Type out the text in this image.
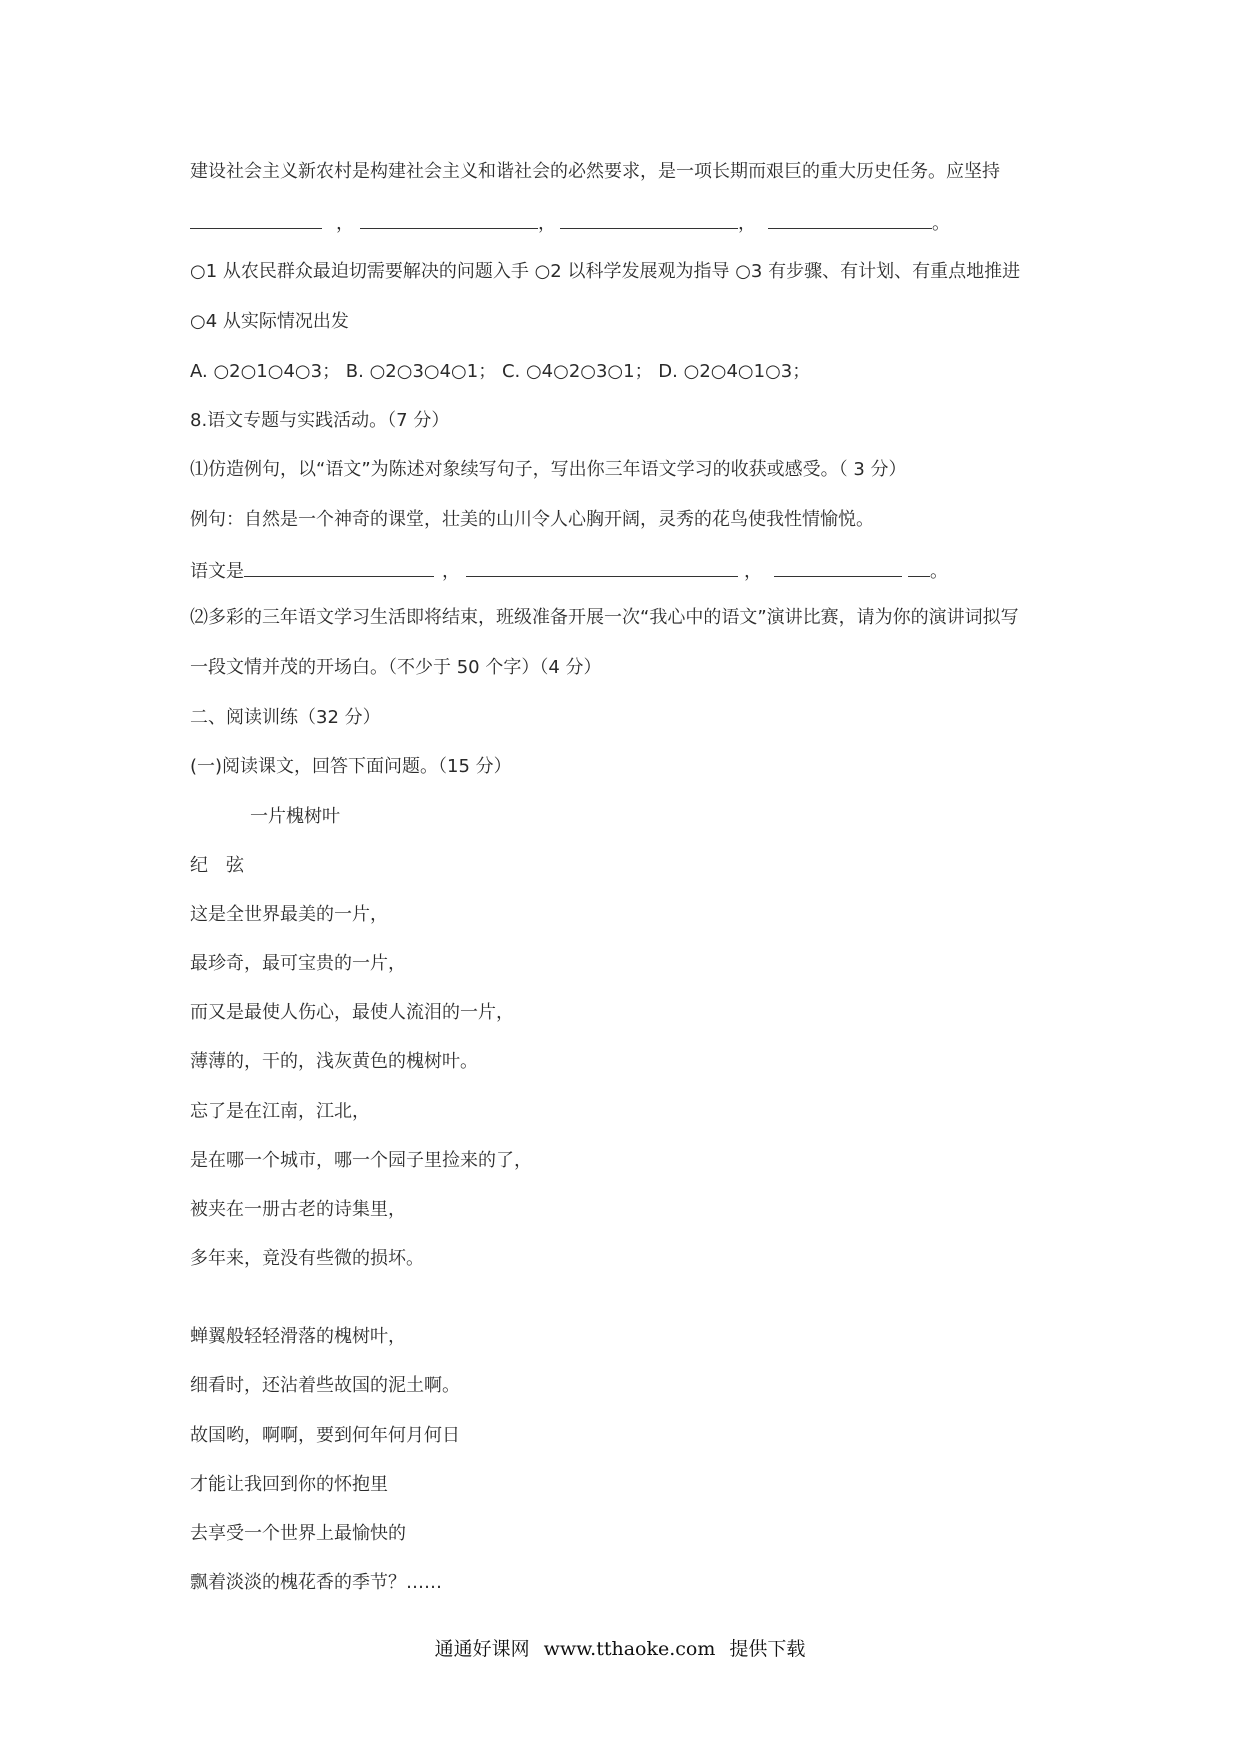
建设社会主义新农村是构建社会主义和谐社会的必然要求，是一项长期而艰巨的重大历史任务。应坚持
，	，	，	。
○1 从农民群众最迫切需要解决的问题入手 ○2 以科学发展观为指导 ○3 有步骤、有计划、有重点地推进
○4 从实际情况出发
A. ○2○1○4○3； B. ○2○3○4○1； C. ○4○2○3○1； D. ○2○4○1○3；
8.语文专题与实践活动。（7 分）
⑴仿造例句，以“语文”为陈述对象续写句子，写出你三年语文学习的收获或感受。（ 3 分）
例句：自然是一个神奇的课堂，壮美的山川令人心胸开阔，灵秀的花鸟使我性情愉悦。
语文是	，	，	。
⑵多彩的三年语文学习生活即将结束，班级准备开展一次“我心中的语文”演讲比赛，请为你的演讲词拟写
一段文情并茂的开场白。（不少于 50 个字）（4 分）
二、阅读训练（32 分）
(一)阅读课文，回答下面问题。（15 分）
一片槐树叶
纪　弦
这是全世界最美的一片，
最珍奇，最可宝贵的一片，
而又是最使人伤心，最使人流泪的一片，
薄薄的，干的，浅灰黄色的槐树叶。
忘了是在江南，江北，
是在哪一个城市，哪一个园子里捡来的了，
被夹在一册古老的诗集里，
多年来，竟没有些微的损坏。
蝉翼般轻轻滑落的槐树叶，
细看时，还沾着些故国的泥土啊。
故国哟，啊啊，要到何年何月何日
才能让我回到你的怀抱里
去享受一个世界上最愉快的
飘着淡淡的槐花香的季节？……
通通好课网 www.tthaoke.com 提供下载
